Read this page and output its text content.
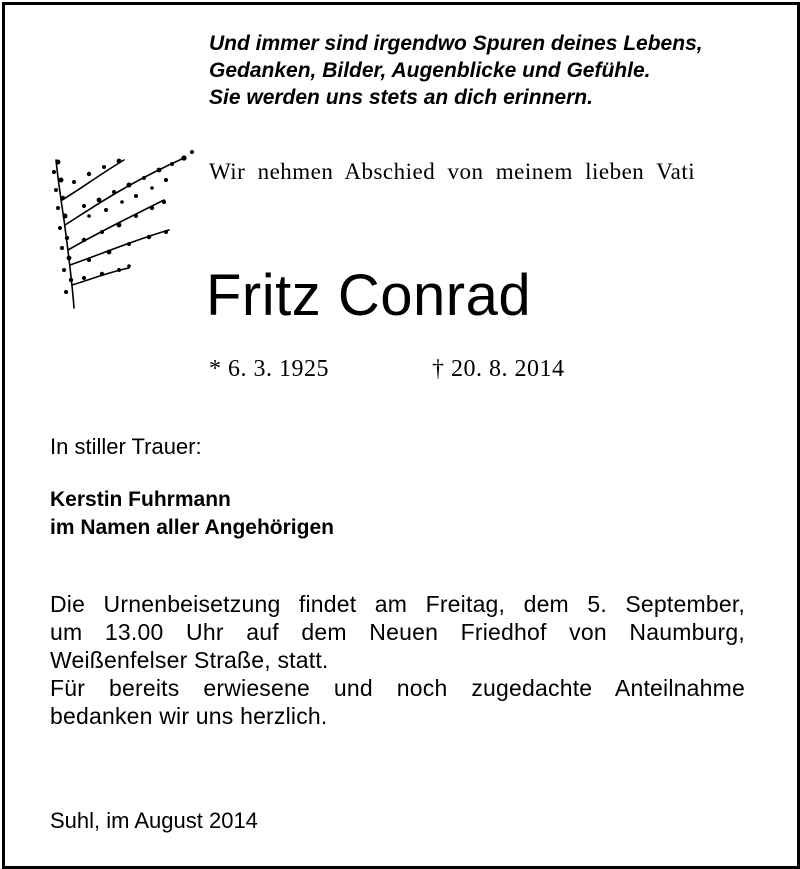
Und immer sind irgendwo Spuren deines Lebens,
Gedanken, Bilder, Augenblicke und Gefühle.
Sie werden uns stets an dich erinnern.
Wir nehmen Abschied von meinem lieben Vati
Fritz Conrad
* 6. 3. 1925	† 20. 8. 2014
In stiller Trauer:
Kerstin Fuhrmann
im Namen aller Angehörigen
Die Urnenbeisetzung findet am Freitag, dem 5. September,
um 13.00 Uhr auf dem Neuen Friedhof von Naumburg,
Weißenfelser Straße, statt.
Für bereits erwiesene und noch zugedachte Anteilnahme
bedanken wir uns herzlich.
Suhl, im August 2014
